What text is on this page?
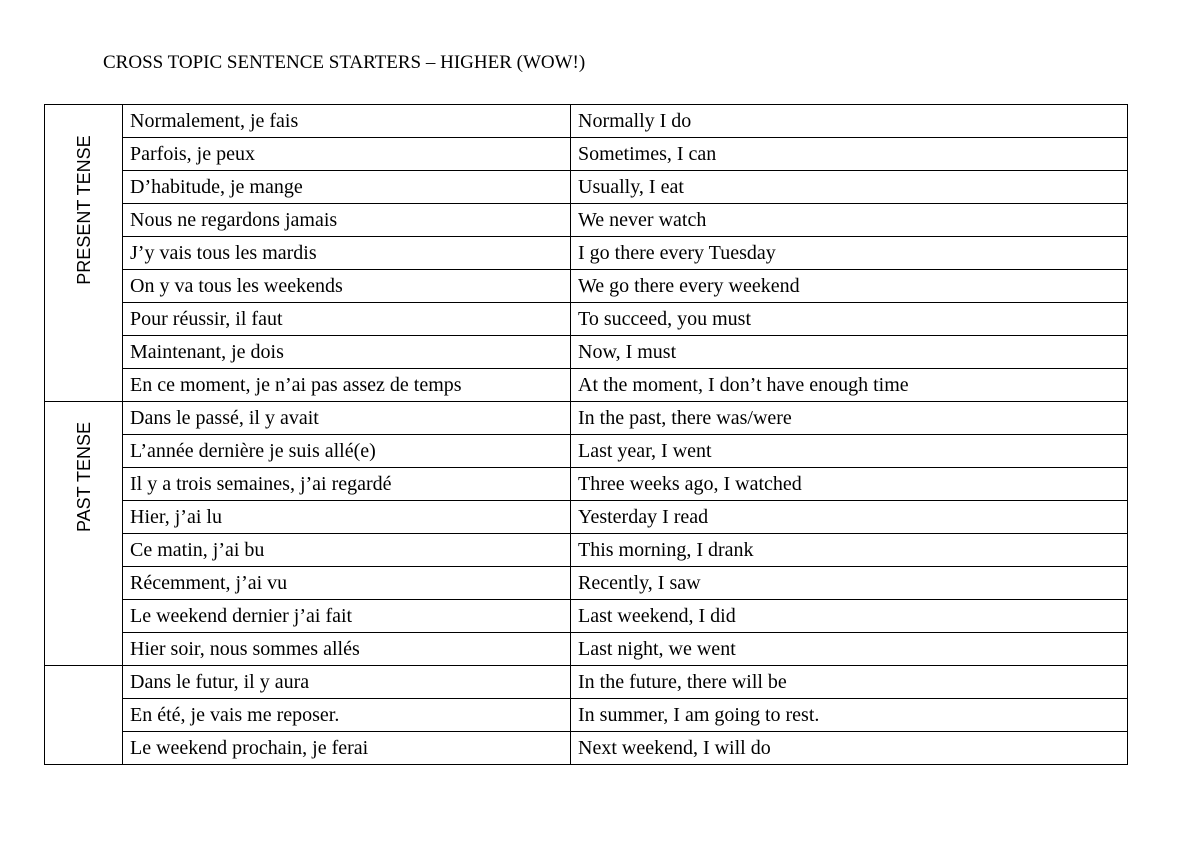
CROSS TOPIC SENTENCE STARTERS – HIGHER (WOW!)
PRESENT TENSE	Normalement, je fais	Normally I do
	Parfois, je peux	Sometimes, I can
	D’habitude, je mange	Usually, I eat
	Nous ne regardons jamais	We never watch
	J’y vais tous les mardis	I go there every Tuesday
	On y va tous les weekends	We go there every weekend
	Pour réussir, il faut	To succeed, you must
	Maintenant, je dois	Now, I must
	En ce moment, je n’ai pas assez de temps	At the moment, I don’t have enough time

PAST TENSE	Dans le passé, il y avait	In the past, there was/were
	L’année dernière je suis allé(e)	Last year, I went
	Il y a trois semaines, j’ai regardé	Three weeks ago, I watched
	Hier, j’ai lu	Yesterday I read
	Ce matin, j’ai bu	This morning, I drank
	Récemment, j’ai vu	Recently, I saw
	Le weekend dernier j’ai fait	Last weekend, I did
	Hier soir, nous sommes allés	Last night, we went
	Dans le futur, il y aura	In the future, there will be
	En été, je vais me reposer.	In summer, I am going to rest.
	Le weekend prochain, je ferai	Next weekend, I will do
